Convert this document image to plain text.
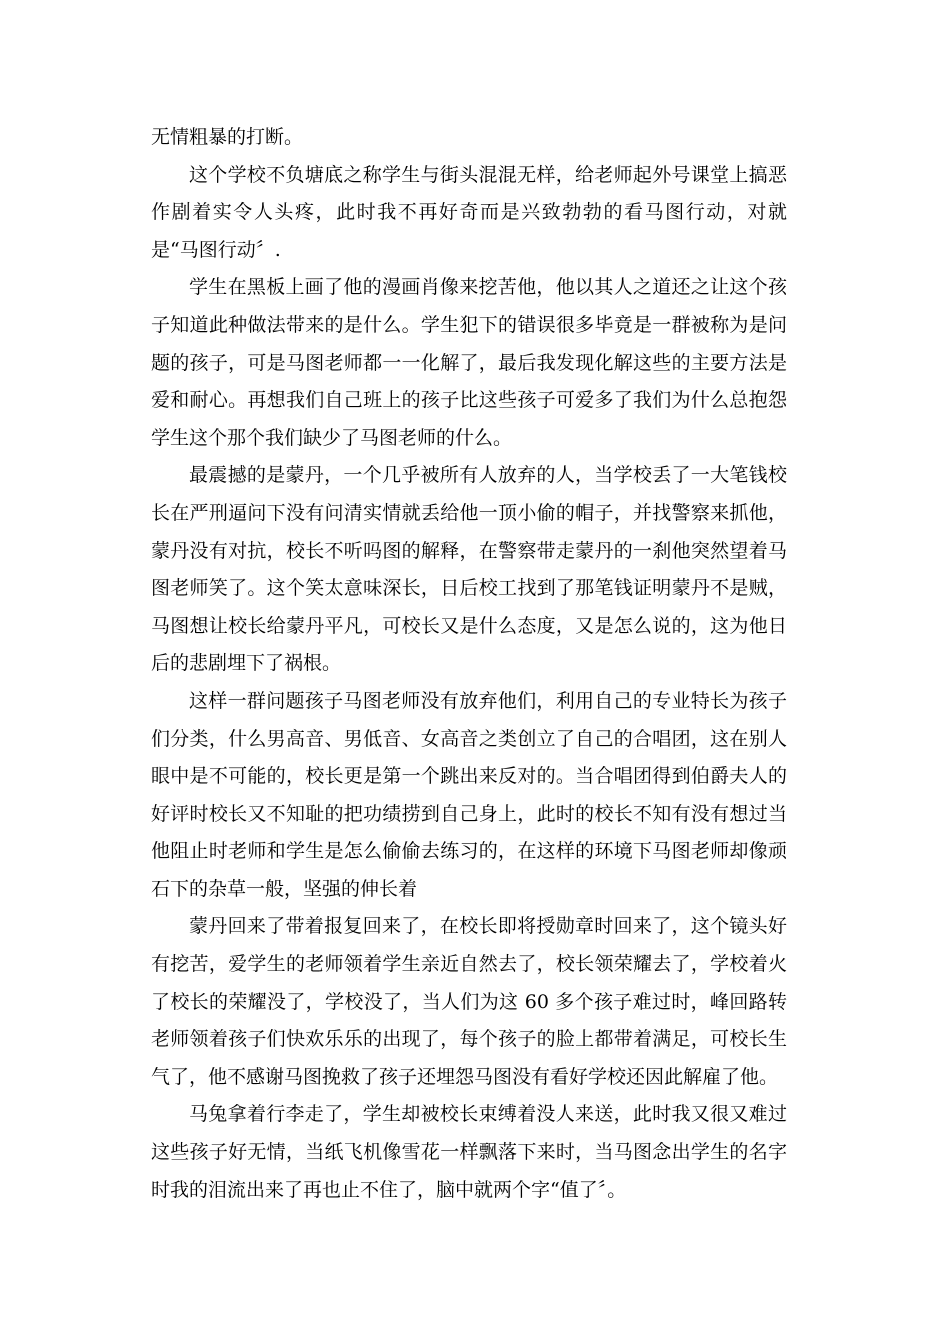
无情粗暴的打断。

这个学校不负塘底之称学生与街头混混无样，给老师起外号课堂上搞恶作剧着实令人头疼，此时我不再好奇而是兴致勃勃的看马图行动，对就是“马图行动〞.

学生在黑板上画了他的漫画肖像来挖苦他，他以其人之道还之让这个孩子知道此种做法带来的是什么。学生犯下的错误很多毕竟是一群被称为是问题的孩子，可是马图老师都一一化解了，最后我发现化解这些的主要方法是爱和耐心。再想我们自己班上的孩子比这些孩子可爱多了我们为什么总抱怨学生这个那个我们缺少了马图老师的什么。

最震撼的是蒙丹，一个几乎被所有人放弃的人，当学校丢了一大笔钱校长在严刑逼问下没有问清实情就丢给他一顶小偷的帽子，并找警察来抓他，蒙丹没有对抗，校长不听吗图的解释，在警察带走蒙丹的一刹他突然望着马图老师笑了。这个笑太意味深长，日后校工找到了那笔钱证明蒙丹不是贼，马图想让校长给蒙丹平凡，可校长又是什么态度，又是怎么说的，这为他日后的悲剧埋下了祸根。

这样一群问题孩子马图老师没有放弃他们，利用自己的专业特长为孩子们分类，什么男高音、男低音、女高音之类创立了自己的合唱团，这在别人眼中是不可能的，校长更是第一个跳出来反对的。当合唱团得到伯爵夫人的好评时校长又不知耻的把功绩捞到自己身上，此时的校长不知有没有想过当他阻止时老师和学生是怎么偷偷去练习的，在这样的环境下马图老师却像顽石下的杂草一般，坚强的伸长着

蒙丹回来了带着报复回来了，在校长即将授勋章时回来了，这个镜头好有挖苦，爱学生的老师领着学生亲近自然去了，校长领荣耀去了，学校着火了校长的荣耀没了，学校没了，当人们为这 60 多个孩子难过时，峰回路转老师领着孩子们快欢乐乐的出现了，每个孩子的脸上都带着满足，可校长生气了，他不感谢马图挽救了孩子还埋怨马图没有看好学校还因此解雇了他。

马兔拿着行李走了，学生却被校长束缚着没人来送，此时我又很又难过这些孩子好无情，当纸飞机像雪花一样飘落下来时，当马图念出学生的名字时我的泪流出来了再也止不住了，脑中就两个字“值了〞。
